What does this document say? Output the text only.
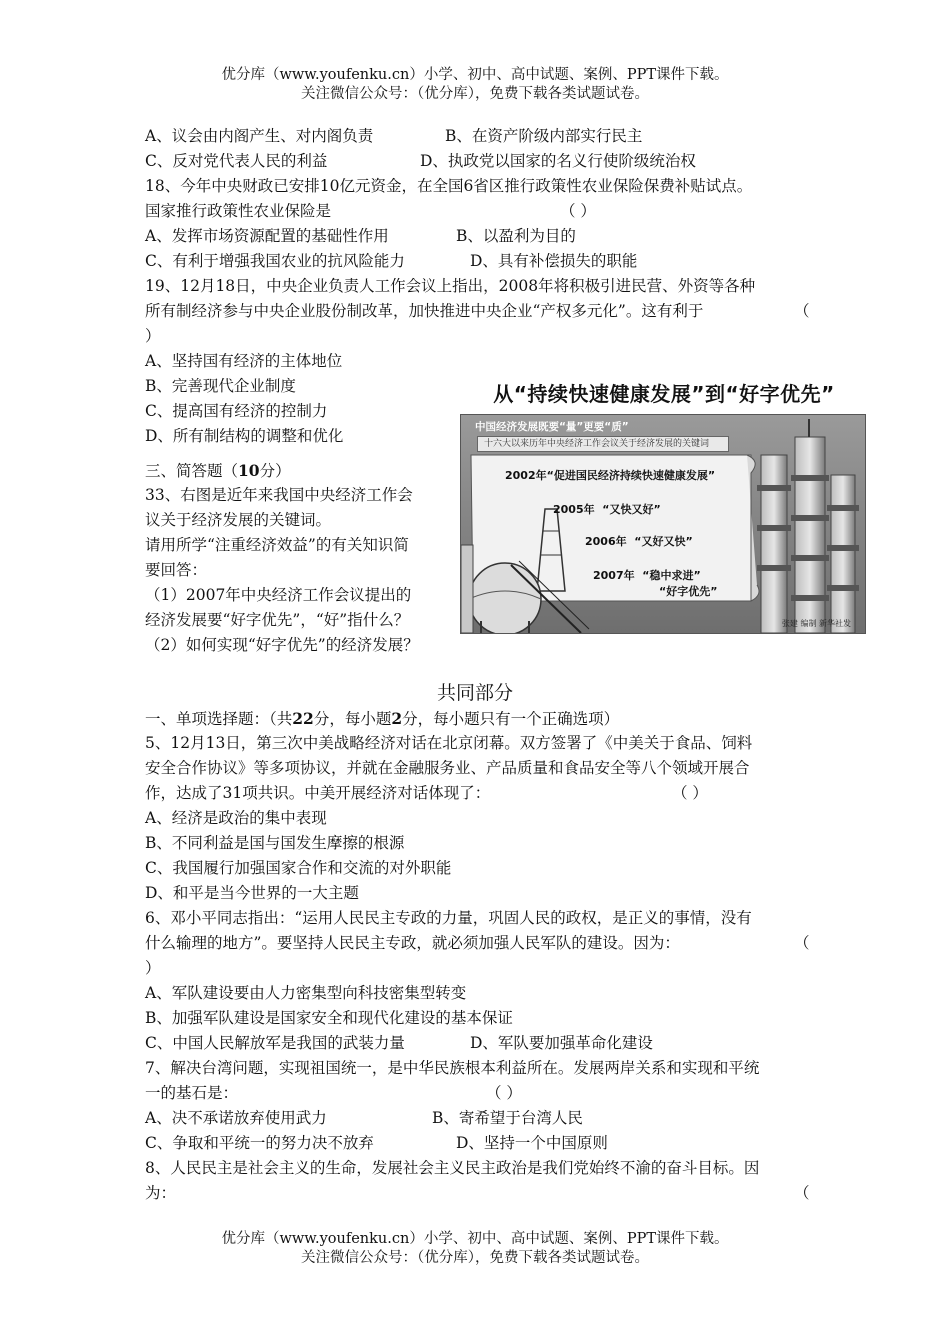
优分库（www.youfenku.cn）小学、初中、高中试题、案例、PPT课件下载。
关注微信公众号：（优分库），免费下载各类试题试卷。
A、议会由内阁产生、对内阁负责	B、在资产阶级内部实行民主
C、反对党代表人民的利益	D、执政党以国家的名义行使阶级统治权
18、今年中央财政已安排10亿元资金，在全国6省区推行政策性农业保险保费补贴试点。
国家推行政策性农业保险是	（ ）
A、发挥市场资源配置的基础性作用	B、以盈利为目的
C、有利于增强我国农业的抗风险能力	D、具有补偿损失的职能
19、12月18日，中央企业负责人工作会议上指出，2008年将积极引进民营、外资等各种
所有制经济参与中央企业股份制改革，加快推进中央企业“产权多元化”。这有利于	（
）
A、坚持国有经济的主体地位
B、完善现代企业制度
C、提高国有经济的控制力
D、所有制结构的调整和优化
三、简答题（10分）
33、右图是近年来我国中央经济工作会
议关于经济发展的关键词。
请用所学“注重经济效益”的有关知识简
要回答：
（1）2007年中央经济工作会议提出的
经济发展要“好字优先”，“好”指什么？
（2）如何实现“好字优先”的经济发展？
从“持续快速健康发展”到“好字优先”
中国经济发展既要“量”更要“质”
十六大以来历年中央经济工作会议关于经济发展的关键词
2002年“促进国民经济持续快速健康发展”
2005年 “又快又好”
2006年 “又好又快”
2007年 “稳中求进”
“好字优先”
张建 编制 新华社发
共同部分
一、单项选择题：（共22分，每小题2分，每小题只有一个正确选项）
5、12月13日，第三次中美战略经济对话在北京闭幕。双方签署了《中美关于食品、饲料
安全合作协议》等多项协议，并就在金融服务业、产品质量和食品安全等八个领域开展合
作，达成了31项共识。中美开展经济对话体现了：	（ ）
A、经济是政治的集中表现
B、不同利益是国与国发生摩擦的根源
C、我国履行加强国家合作和交流的对外职能
D、和平是当今世界的一大主题
6、邓小平同志指出：“运用人民民主专政的力量，巩固人民的政权，是正义的事情，没有
什么输理的地方”。要坚持人民民主专政，就必须加强人民军队的建设。因为：	（
）
A、军队建设要由人力密集型向科技密集型转变
B、加强军队建设是国家安全和现代化建设的基本保证
C、中国人民解放军是我国的武装力量	D、军队要加强革命化建设
7、解决台湾问题，实现祖国统一，是中华民族根本利益所在。发展两岸关系和实现和平统
一的基石是：	（ ）
A、决不承诺放弃使用武力	B、寄希望于台湾人民
C、争取和平统一的努力决不放弃	D、坚持一个中国原则
8、人民民主是社会主义的生命，发展社会主义民主政治是我们党始终不渝的奋斗目标。因
为：	（
优分库（www.youfenku.cn）小学、初中、高中试题、案例、PPT课件下载。
关注微信公众号：（优分库），免费下载各类试题试卷。
